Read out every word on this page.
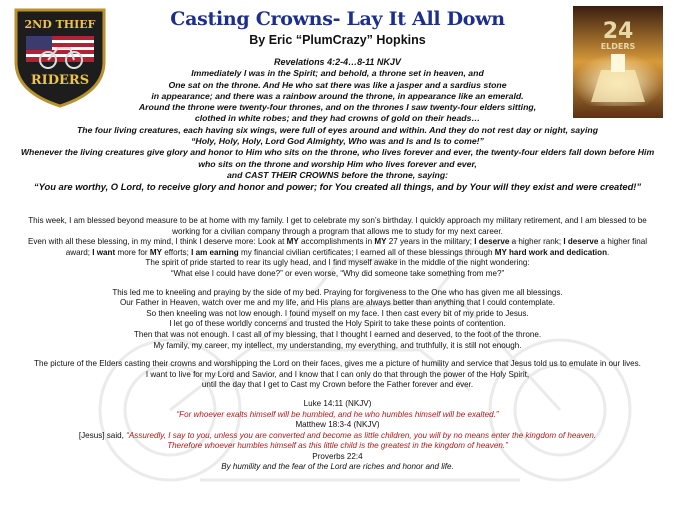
2ND THIEF
RIDERS
24
ELDERS
Casting Crowns- Lay It All Down
By Eric “PlumCrazy” Hopkins
Revelations 4:2-4…8-11 NKJV
Immediately I was in the Spirit; and behold, a throne set in heaven, and
One sat on the throne. And He who sat there was like a jasper and a sardius stone
in appearance; and there was a rainbow around the throne, in appearance like an emerald.
Around the throne were twenty-four thrones, and on the thrones I saw twenty-four elders sitting,
clothed in white robes; and they had crowns of gold on their heads…
The four living creatures, each having six wings, were full of eyes around and within. And they do not rest day or night, saying
“Holy, Holy, Holy, Lord God Almighty, Who was and Is and Is to come!”
Whenever the living creatures give glory and honor to Him who sits on the throne, who lives forever and ever, the twenty-four elders fall down before Him
who sits on the throne and worship Him who lives forever and ever,
and CAST THEIR CROWNS before the throne, saying:
“You are worthy, O Lord, to receive glory and honor and power; for You created all things, and by Your will they exist and were created!”
This week, I am blessed beyond measure to be at home with my family. I get to celebrate my son’s birthday. I quickly approach my military retirement, and I am blessed to be
working for a civilian company through a program that allows me to study for my next career.
Even with all these blessing, in my mind, I think I deserve more: Look at MY accomplishments in MY 27 years in the military; I deserve a higher rank; I deserve a higher final
award; I want more for MY efforts; I am earning my financial civilian certificates; I earned all of these blessings through MY hard work and dedication.
The spirit of pride started to rear its ugly head, and I find myself awake in the middle of the night wondering:
“What else I could have done?” or even worse, “Why did someone take something from me?”
This led me to kneeling and praying by the side of my bed. Praying for forgiveness to the One who has given me all blessings.
Our Father in Heaven, watch over me and my life, and His plans are always better than anything that I could contemplate.
So then kneeling was not low enough. I found myself on my face. I then cast every bit of my pride to Jesus.
I let go of these worldly concerns and trusted the Holy Spirit to take these points of contention.
Then that was not enough. I cast all of my blessing, that I thought I earned and deserved, to the foot of the throne.
My family, my career, my intellect, my understanding, my everything, and truthfully, it is still not enough.
The picture of the Elders casting their crowns and worshipping the Lord on their faces, gives me a picture of humility and service that Jesus told us to emulate in our lives.
I want to live for my Lord and Savior, and I know that I can only do that through the power of the Holy Spirit,
until the day that I get to Cast my Crown before the Father forever and ever.
Luke 14:11 (NKJV)
“For whoever exalts himself will be humbled, and he who humbles himself will be exalted.”
Matthew 18:3-4 (NKJV)
[Jesus] said, “Assuredly, I say to you, unless you are converted and become as little children, you will by no means enter the kingdom of heaven.
Therefore whoever humbles himself as this little child is the greatest in the kingdom of heaven.”
Proverbs 22:4
By humility and the fear of the Lord are riches and honor and life.
